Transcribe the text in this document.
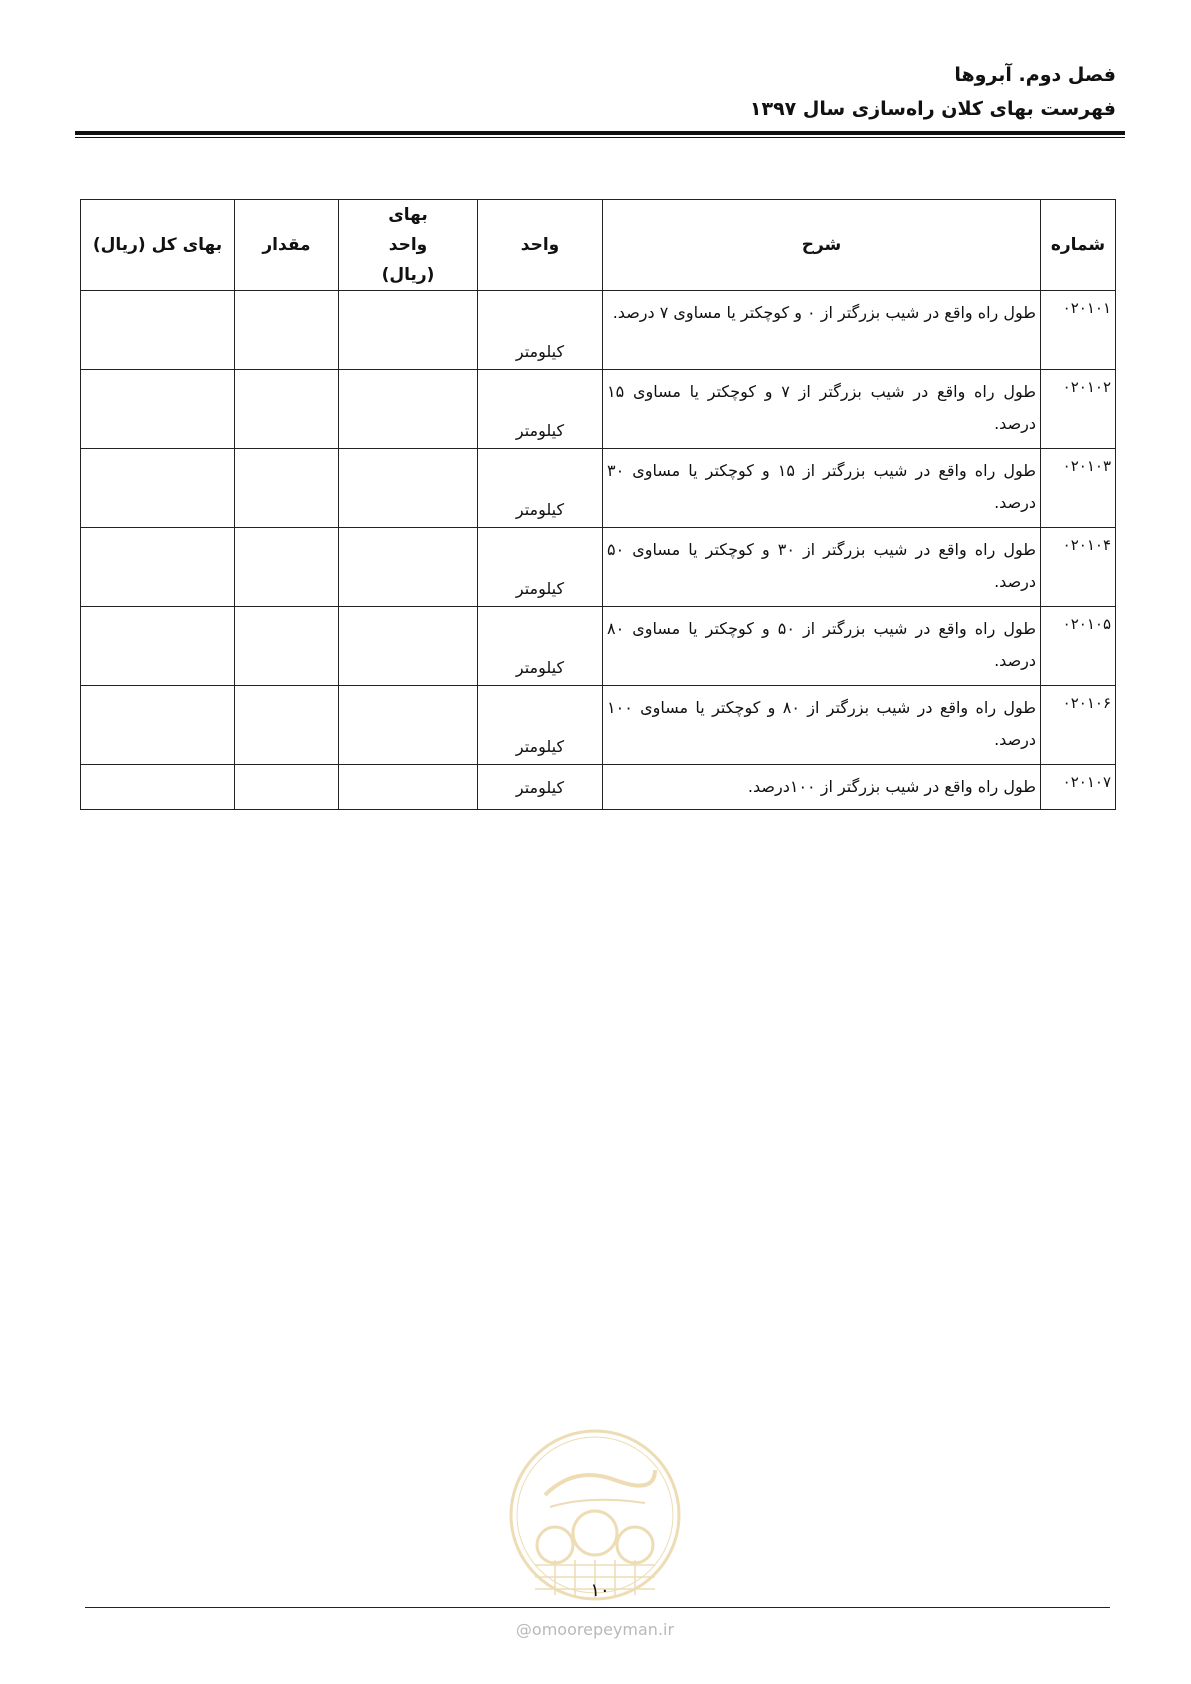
فصل دوم. آبروها
فهرست بهای کلان راه‌سازی سال ۱۳۹۷
شماره	شرح	واحد	بهای واحد (ریال)	مقدار	بهای کل (ریال)
۰۲۰۱۰۱	طول راه واقع در شیب بزرگتر از ۰ و کوچکتر یا مساوی ۷ درصد.	کیلومتر			
۰۲۰۱۰۲	طول راه واقع در شیب بزرگتر از ۷ و کوچکتر یا مساوی ۱۵ درصد.	کیلومتر			
۰۲۰۱۰۳	طول راه واقع در شیب بزرگتر از ۱۵ و کوچکتر یا مساوی ۳۰ درصد.	کیلومتر			
۰۲۰۱۰۴	طول راه واقع در شیب بزرگتر از ۳۰ و کوچکتر یا مساوی ۵۰ درصد.	کیلومتر			
۰۲۰۱۰۵	طول راه واقع در شیب بزرگتر از ۵۰ و کوچکتر یا مساوی ۸۰ درصد.	کیلومتر			
۰۲۰۱۰۶	طول راه واقع در شیب بزرگتر از ۸۰ و کوچکتر یا مساوی ۱۰۰ درصد.	کیلومتر			
۰۲۰۱۰۷	طول راه واقع در شیب بزرگتر از ۱۰۰درصد.	کیلومتر			
۱۰
@omoorepeyman.ir
